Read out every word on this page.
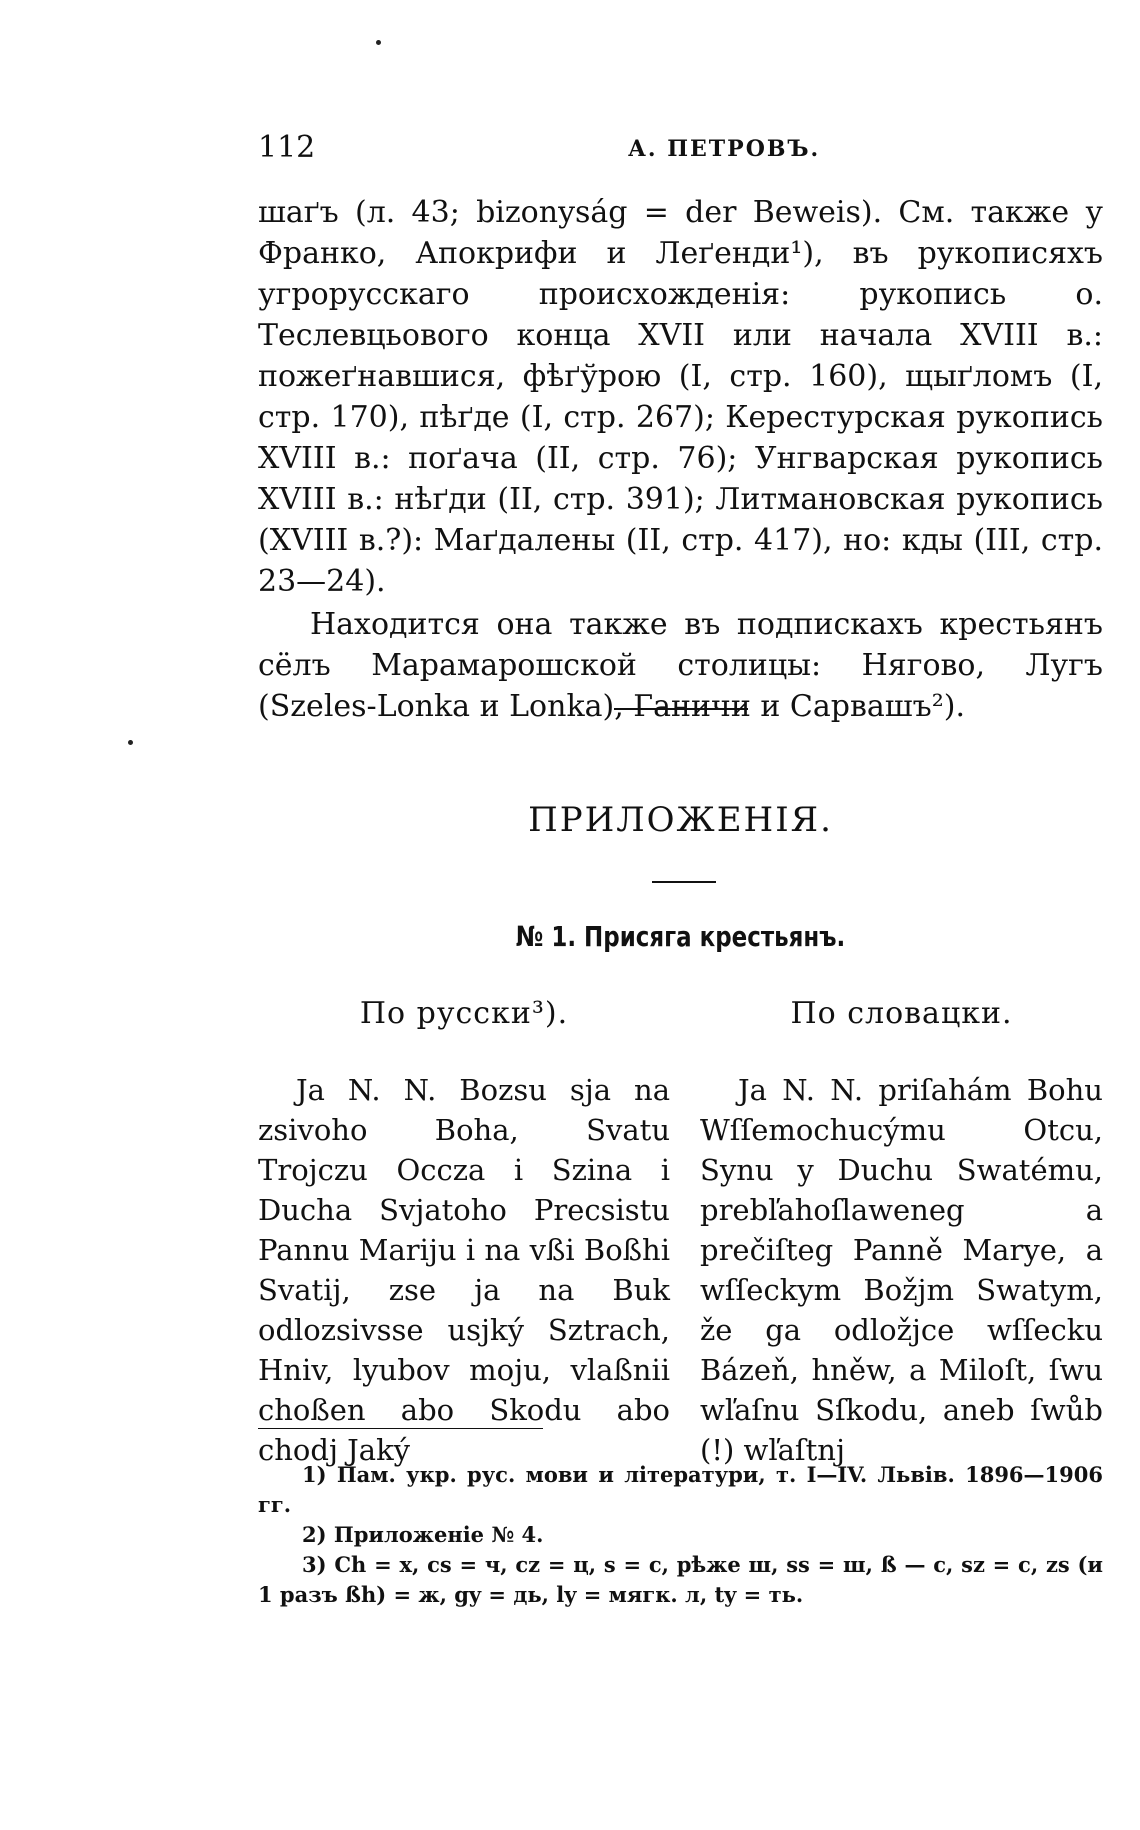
112	А. ПЕТРОВЪ.

шаґъ (л. 43; bizonyság = der Beweis). См. также у Франко, Апокрифи и Леґенди¹), въ рукописяхъ угрорусскаго происхожденія: рукопись о. Теслевцьового конца XVII или начала XVIII в.: пожеґнавшися, фѣґўрою (I, стр. 160), щыґломъ (I, стр. 170), пѣґде (I, стр. 267); Керестурская рукопись XVIII в.: поґача (II, стр. 76); Унгварская рукопись XVIII в.: нѣґди (II, стр. 391); Литмановская рукопись (XVIII в.?): Маґдалены (II, стр. 417), но: кды (III, стр. 23—24).

Находится она также въ подпискахъ крестьянъ сёлъ Марамарошской столицы: Нягово, Лугъ (Szeles-Lonka и Lonka), Ганичи и Сарвашъ²).

ПРИЛОЖЕНІЯ.
№ 1. Присяга крестьянъ.
По русски³).	По словацки.

Ja N. N. Bozsu sja na zsivoho Boha, Svatu Trojczu Occza i Szina i Ducha Svjatoho Precsistu Pannu Mariju i na vßi Boßhi Svatij, zse ja na Buk odlozsivsse usjký Sztrach, Hniv, lyubov moju, vlaßnii choßen abo Skodu abo chodj Jaký

Ja N. N. priſahám Bohu Wſſemochucýmu Otcu, Synu y Duchu Swatému, prebľahoſlaweneg a prečiſteg Panně Marye, a wſſeckym Božjm Swatym, že ga odložjce wſſecku Bázeň, hněw, a Miloſt, ſwu wľaſnu Sſkodu, aneb ſwůb (!) wľaſtnj

1) Пам. укр. рус. мови и літератури, т. I—IV. Львів. 1896—1906 гг.

2) Приложеніе № 4.

3) Ch = x, cs = ч, cz = ц, s = c, рѣже ш, ss = ш, ß — c, sz = c, zs (и 1 разъ ßh) = ж, gy = дь, ly = мягк. л, ty = ть.
